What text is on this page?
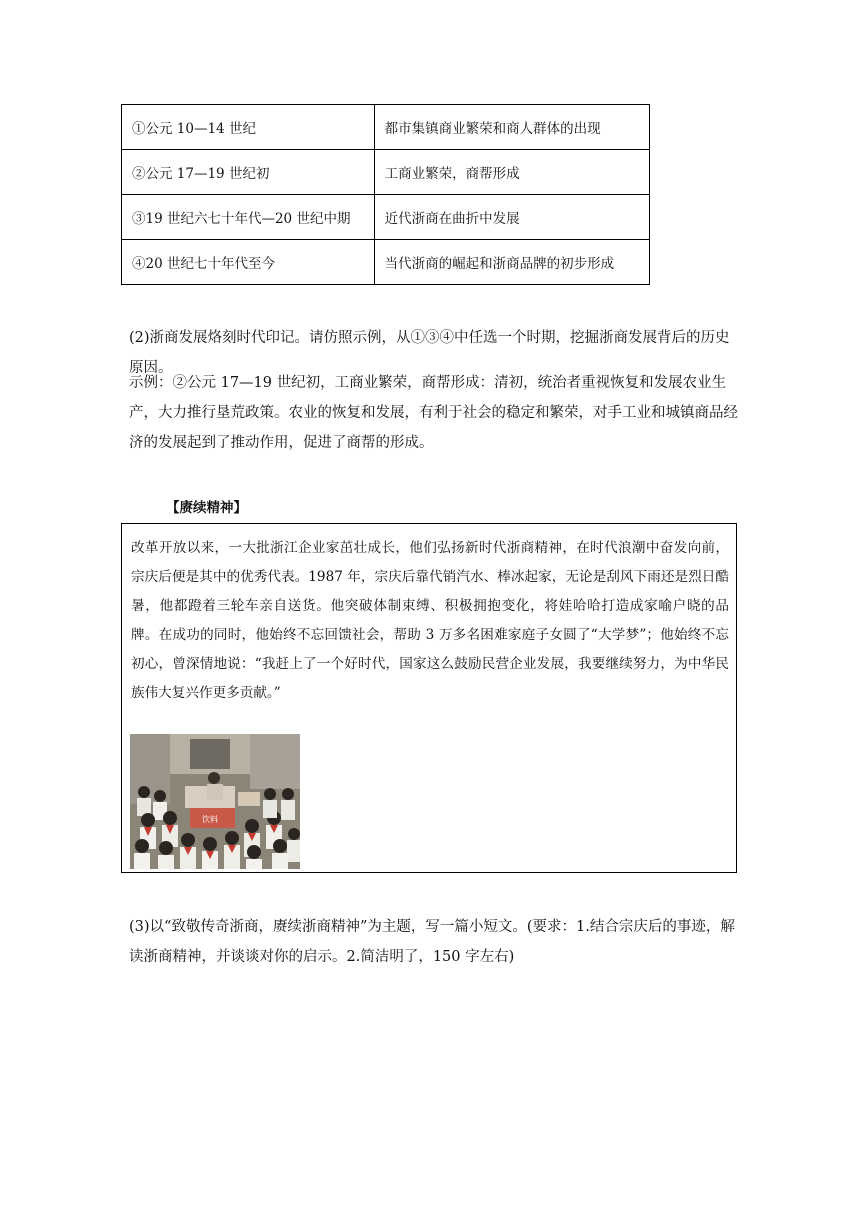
①公元 10—14 世纪	都市集镇商业繁荣和商人群体的出现
②公元 17—19 世纪初	工商业繁荣，商帮形成
③19 世纪六七十年代—20 世纪中期	近代浙商在曲折中发展
④20 世纪七十年代至今	当代浙商的崛起和浙商品牌的初步形成

(2)浙商发展烙刻时代印记。请仿照示例，从①③④中任选一个时期，挖掘浙商发展背后的历史原因。

示例：②公元 17—19 世纪初，工商业繁荣，商帮形成：清初，统治者重视恢复和发展农业生产，大力推行垦荒政策。农业的恢复和发展，有利于社会的稳定和繁荣，对手工业和城镇商品经济的发展起到了推动作用，促进了商帮的形成。

【赓续精神】

改革开放以来，一大批浙江企业家茁壮成长，他们弘扬新时代浙商精神，在时代浪潮中奋发向前，宗庆后便是其中的优秀代表。1987 年，宗庆后靠代销汽水、棒冰起家，无论是刮风下雨还是烈日酷暑，他都蹬着三轮车亲自送货。他突破体制束缚、积极拥抱变化，将娃哈哈打造成家喻户晓的品牌。在成功的同时，他始终不忘回馈社会，帮助 3 万多名困难家庭子女圆了“大学梦”；他始终不忘初心，曾深情地说：“我赶上了一个好时代，国家这么鼓励民营企业发展，我要继续努力，为中华民族伟大复兴作更多贡献。”

饮料

(3)以“致敬传奇浙商，赓续浙商精神”为主题，写一篇小短文。(要求：1.结合宗庆后的事迹，解读浙商精神，并谈谈对你的启示。2.简洁明了，150 字左右)
